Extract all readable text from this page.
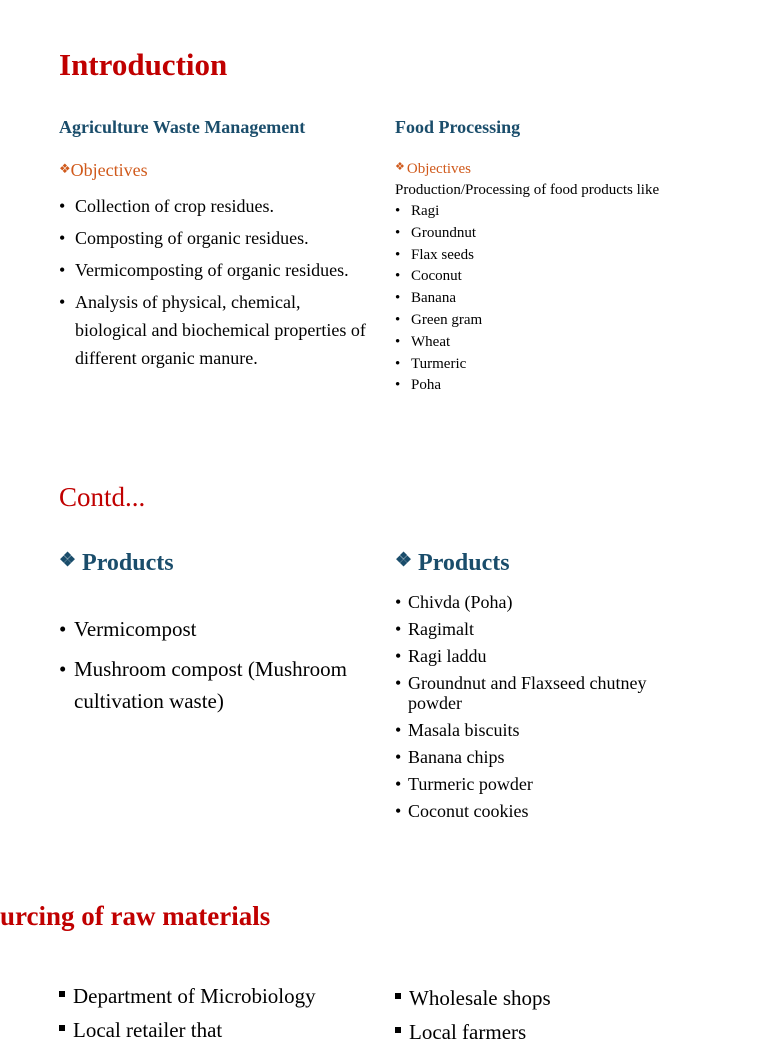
Introduction
Agriculture Waste Management
❖Objectives
• Collection of crop residues.
• Composting of organic residues.
• Vermicomposting of organic residues.
• Analysis of physical, chemical, biological and biochemical properties of different organic manure.
Food Processing
❖ Objectives
Production/Processing of food products like
• Ragi
• Groundnut
• Flax seeds
• Coconut
• Banana
• Green gram
• Wheat
• Turmeric
• Poha
Contd...
❖ Products
• Vermicompost
• Mushroom compost (Mushroom cultivation waste)
❖ Products
• Chivda (Poha)
• Ragimalt
• Ragi laddu
• Groundnut and Flaxseed chutney powder
• Masala biscuits
• Banana chips
• Turmeric powder
• Coconut cookies
urcing of raw materials
Department of Microbiology
Local retailer that
Wholesale shops
Local farmers
